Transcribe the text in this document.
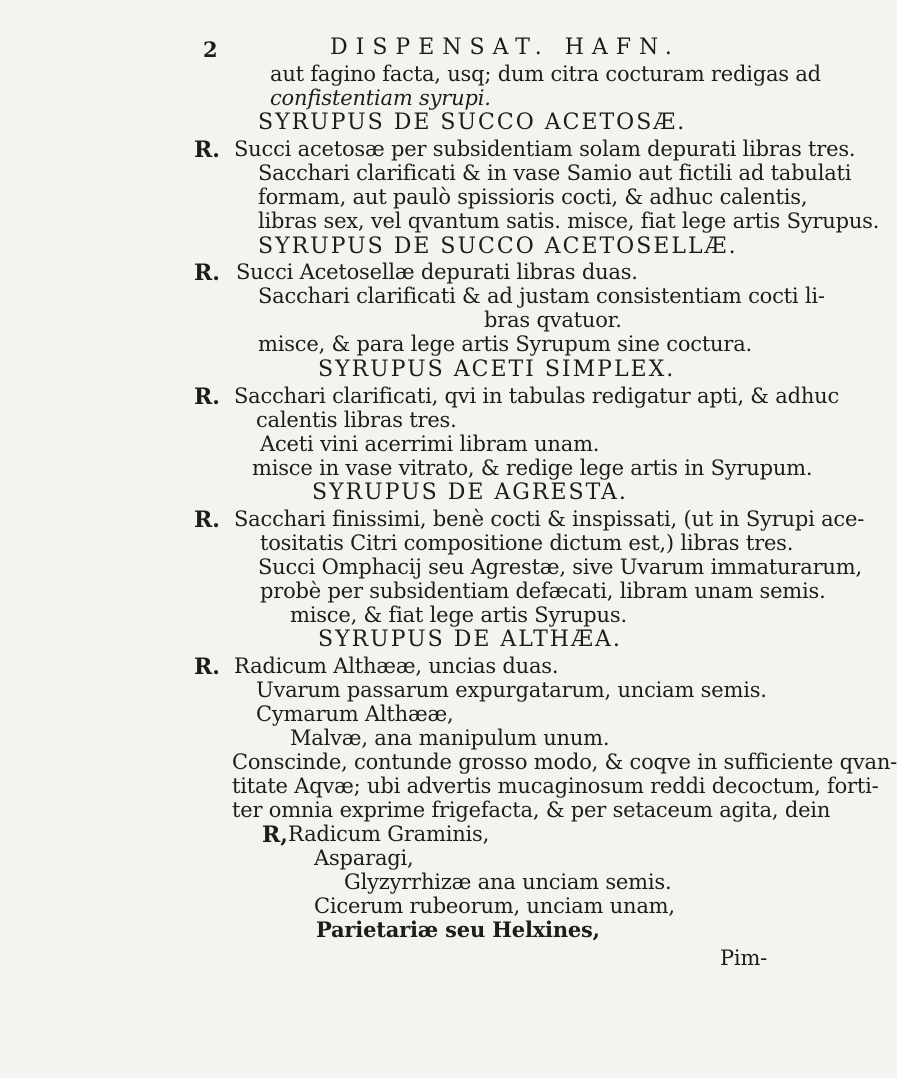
2	DISPENSAT. HAFN.
aut fagino facta, usq; dum citra cocturam redigas ad
confistentiam syrupi.
SYRUPUS DE SUCCO ACETOSÆ.
R. Succi acetosæ per subsidentiam solam depurati libras tres.
Sacchari clarificati & in vase Samio aut fictili ad tabulati
formam, aut paulò spissioris cocti, & adhuc calentis,
libras sex, vel qvantum satis. misce, fiat lege artis Syrupus.
SYRUPUS DE SUCCO ACETOSELLÆ.
R. Succi Acetosellæ depurati libras duas.
Sacchari clarificati & ad justam consistentiam cocti li-
bras qvatuor.
misce, & para lege artis Syrupum sine coctura.
SYRUPUS ACETI SIMPLEX.
R. Sacchari clarificati, qvi in tabulas redigatur apti, & adhuc
calentis libras tres.
Aceti vini acerrimi libram unam.
misce in vase vitrato, & redige lege artis in Syrupum.
SYRUPUS DE AGRESTA.
R. Sacchari finissimi, benè cocti & inspissati, (ut in Syrupi ace-
tositatis Citri compositione dictum est,) libras tres.
Succi Omphacij seu Agrestæ, sive Uvarum immaturarum,
probè per subsidentiam defæcati, libram unam semis.
misce, & fiat lege artis Syrupus.
SYRUPUS DE ALTHÆA.
R. Radicum Althææ, uncias duas.
Uvarum passarum expurgatarum, unciam semis.
Cymarum Althææ,
Malvæ, ana manipulum unum.
Conscinde, contunde grosso modo, & coqve in sufficiente qvan-
titate Aqvæ; ubi advertis mucaginosum reddi decoctum, forti-
ter omnia exprime frigefacta, & per setaceum agita, dein
R, Radicum Graminis,
Asparagi,
Glyzyrrhizæ ana unciam semis.
Cicerum rubeorum, unciam unam,
Parietariæ seu Helxines,
Pim-
